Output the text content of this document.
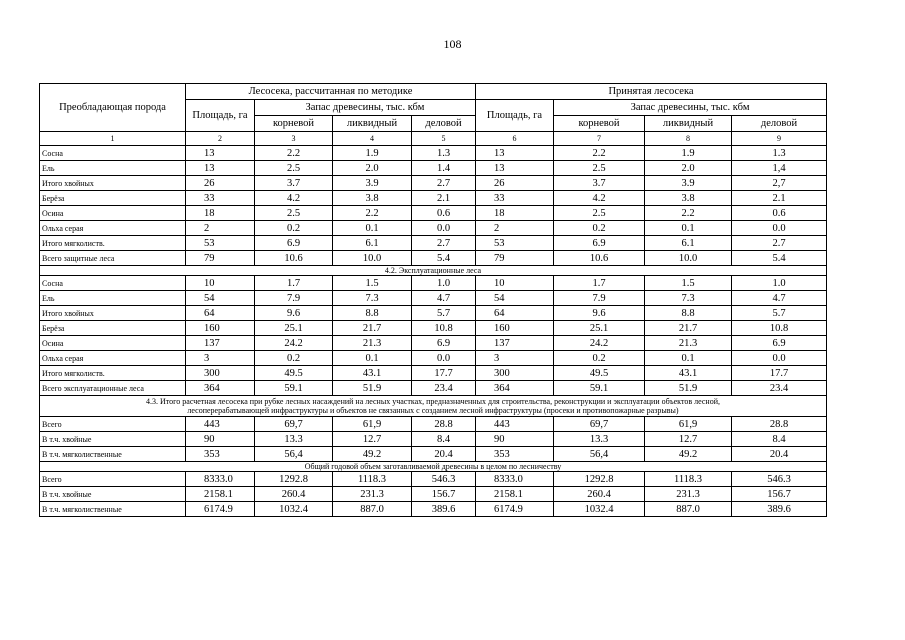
108
Преобладающая порода	Лесосека, рассчитанная по методике				Принятая лесосека			
	Площадь, га	Запас древесины, тыс. кбм			Площадь, га	Запас древесины, тыс. кбм		
		корневой	ликвидный	деловой		корневой	ликвидный	деловой
1	2	3	4	5	6	7	8	9
Сосна	13	2.2	1.9	1.3	13	2.2	1.9	1.3
Ель	13	2.5	2.0	1.4	13	2.5	2.0	1,4
Итого хвойных	26	3.7	3.9	2.7	26	3.7	3.9	2,7
Берёза	33	4.2	3.8	2.1	33	4.2	3.8	2.1
Осина	18	2.5	2.2	0.6	18	2.5	2.2	0.6
Ольха серая	2	0.2	0.1	0.0	2	0.2	0.1	0.0
Итого мягколиств.	53	6.9	6.1	2.7	53	6.9	6.1	2.7
Всего защитные леса	79	10.6	10.0	5.4	79	10.6	10.0	5.4
4.2. Эксплуатационные леса								
Сосна	10	1.7	1.5	1.0	10	1.7	1.5	1.0
Ель	54	7.9	7.3	4.7	54	7.9	7.3	4.7
Итого хвойных	64	9.6	8.8	5.7	64	9.6	8.8	5.7
Берёза	160	25.1	21.7	10.8	160	25.1	21.7	10.8
Осина	137	24.2	21.3	6.9	137	24.2	21.3	6.9
Ольха серая	3	0.2	0.1	0.0	3	0.2	0.1	0.0
Итого мягколиств.	300	49.5	43.1	17.7	300	49.5	43.1	17.7
Всего эксплуатационные леса	364	59.1	51.9	23.4	364	59.1	51.9	23.4

4.3. Итого расчетная лесосека при рубке лесных насаждений на лесных участках, предназначенных для строительства, реконструкции и эксплуатации объектов лесной,
лесоперерабатывающей инфраструктуры и объектов не связанных с созданием лесной инфраструктуры (просеки и противопожарные разрывы)								

Всего	443	69,7	61,9	28.8	443	69,7	61,9	28.8
В т.ч. хвойные	90	13.3	12.7	8.4	90	13.3	12.7	8.4
В т.ч. мягколиственные	353	56,4	49.2	20.4	353	56,4	49.2	20.4
Общий годовой объем заготавливаемой древесины в целом по лесничеству								
Всего	8333.0	1292.8	1118.3	546.3	8333.0	1292.8	1118.3	546.3
В т.ч. хвойные	2158.1	260.4	231.3	156.7	2158.1	260.4	231.3	156.7
В т.ч. мягколиственные	6174.9	1032.4	887.0	389.6	6174.9	1032.4	887.0	389.6
